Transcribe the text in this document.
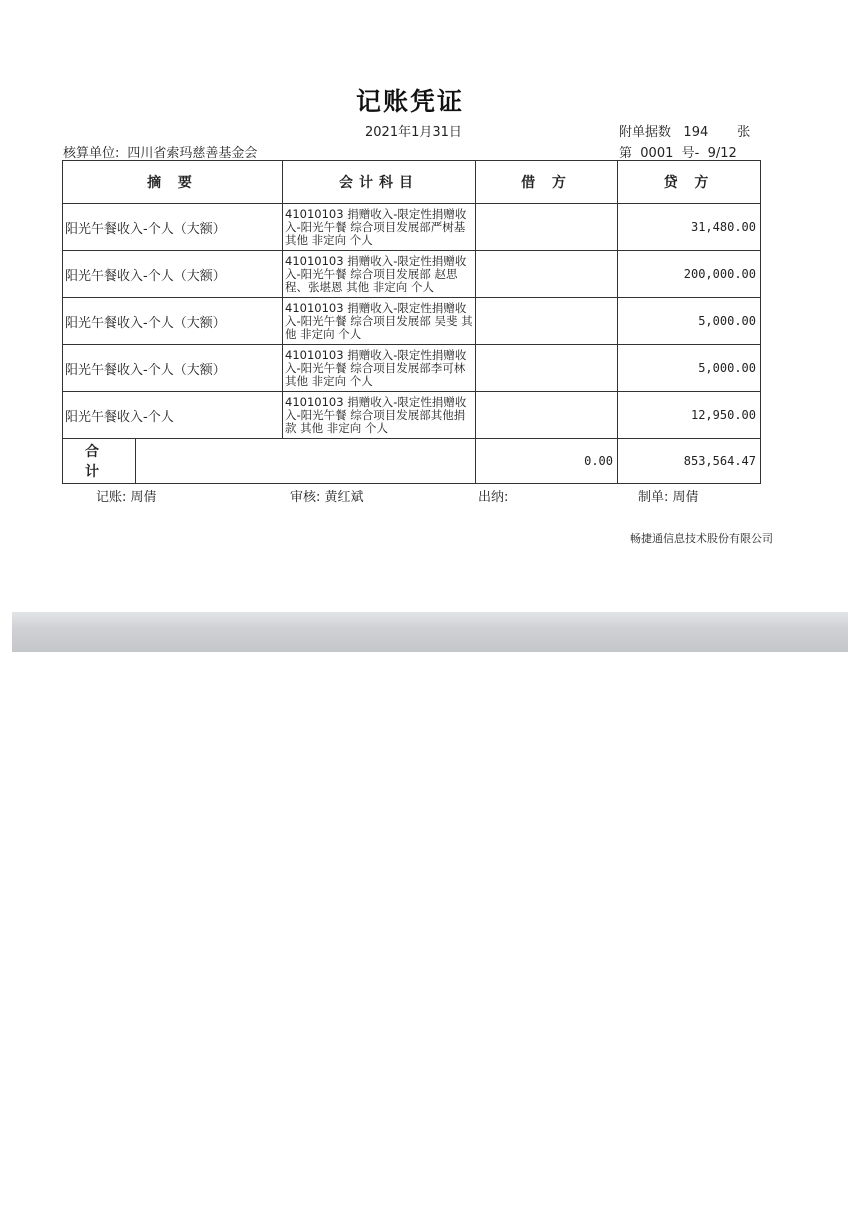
记账凭证
2021年1月31日	附单据数 194 张
核算单位: 四川省索玛慈善基金会	第 0001 号- 9/12
摘 要	会计科目	借 方	贷 方
阳光午餐收入-个人（大额）	41010103 捐赠收入-限定性捐赠收入-阳光午餐 综合项目发展部严树基 其他 非定向 个人		31,480.00
阳光午餐收入-个人（大额）	41010103 捐赠收入-限定性捐赠收入-阳光午餐 综合项目发展部 赵思程、张堪恩 其他 非定向 个人		200,000.00
阳光午餐收入-个人（大额）	41010103 捐赠收入-限定性捐赠收入-阳光午餐 综合项目发展部 吴斐 其他 非定向 个人		5,000.00
阳光午餐收入-个人（大额）	41010103 捐赠收入-限定性捐赠收入-阳光午餐 综合项目发展部李可林 其他 非定向 个人		5,000.00
阳光午餐收入-个人	41010103 捐赠收入-限定性捐赠收入-阳光午餐 综合项目发展部其他捐款 其他 非定向 个人		12,950.00

合 计		0.00	853,564.47
记账: 周倩	审核: 黄红斌	出纳:	制单: 周倩
畅捷通信息技术股份有限公司
